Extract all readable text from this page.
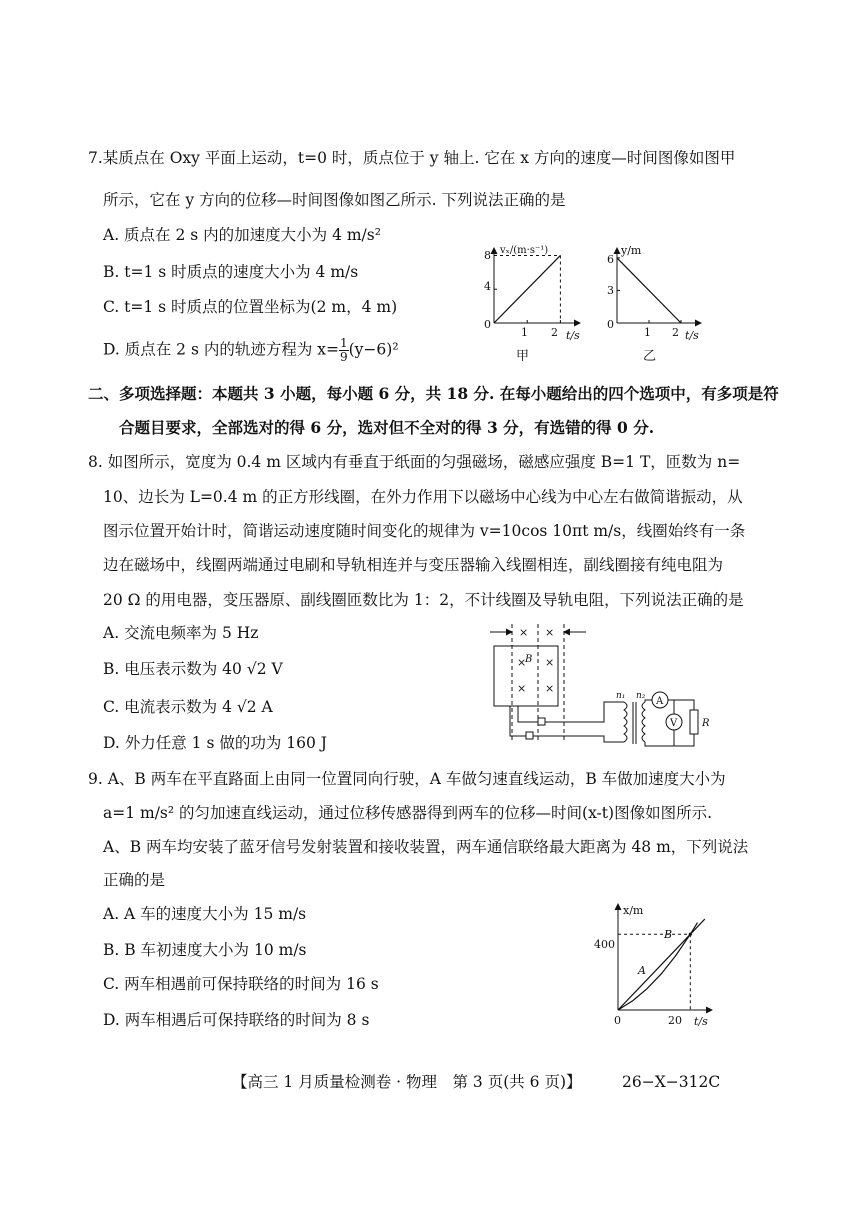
7.某质点在 Oxy 平面上运动，t=0 时，质点位于 y 轴上. 它在 x 方向的速度—时间图像如图甲
所示，它在 y 方向的位移—时间图像如图乙所示. 下列说法正确的是
A. 质点在 2 s 内的加速度大小为 4 m/s²
B. t=1 s 时质点的速度大小为 4 m/s
C. t=1 s 时质点的位置坐标为(2 m，4 m)
D. 质点在 2 s 内的轨迹方程为 $x= \frac{1}{9} (y-6)^2$
vₓ/(m·s⁻¹)
t/s
0
4
8
1 2
甲
y/m
t/s
0
3
6
1 2
乙
二、多项选择题：本题共 3 小题，每小题 6 分，共 18 分. 在每小题给出的四个选项中，有多项是符
合题目要求，全部选对的得 6 分，选对但不全对的得 3 分，有选错的得 0 分.
8. 如图所示，宽度为 0.4 m 区域内有垂直于纸面的匀强磁场，磁感应强度 B=1 T，匝数为 n=
10、边长为 L=0.4 m 的正方形线圈，在外力作用下以磁场中心线为中心左右做简谐振动，从
图示位置开始计时，简谐运动速度随时间变化的规律为 v=10cos 10πt m/s，线圈始终有一条
边在磁场中，线圈两端通过电刷和导轨相连并与变压器输入线圈相连，副线圈接有纯电阻为
20 Ω 的用电器，变压器原、副线圈匝数比为 1：2，不计线圈及导轨电阻，下列说法正确的是
A. 交流电频率为 5 Hz
B. 电压表示数为 40 √2 V
C. 电流表示数为 4 √2 A
D. 外力任意 1 s 做的功为 160 J
× ×
×
B ×
× ×
n₁ n₂ A
V R
9. A、B 两车在平直路面上由同一位置同向行驶，A 车做匀速直线运动，B 车做加速度大小为
a=1 m/s² 的匀加速直线运动，通过位移传感器得到两车的位移—时间(x-t)图像如图所示.
A、B 两车均安装了蓝牙信号发射装置和接收装置，两车通信联络最大距离为 48 m，下列说法
正确的是
A. A 车的速度大小为 15 m/s
B. B 车初速度大小为 10 m/s
C. 两车相遇前可保持联络的时间为 16 s
D. 两车相遇后可保持联络的时间为 8 s
x/m
t/s
0
400
20
A
B
【高三 1 月质量检测卷 · 物理　第 3 页(共 6 页)】	26−X−312C
